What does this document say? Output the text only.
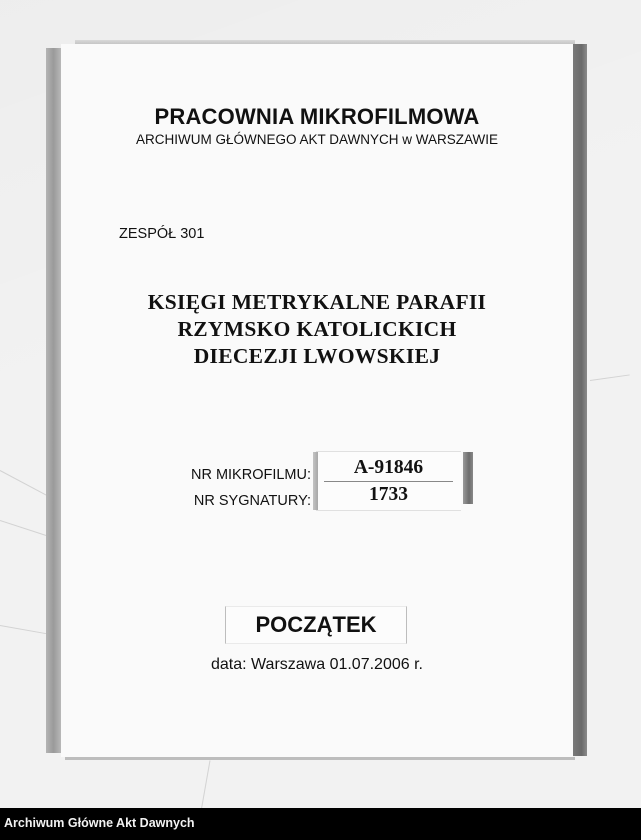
PRACOWNIA MIKROFILMOWA
ARCHIWUM GŁÓWNEGO AKT DAWNYCH w WARSZAWIE
ZESPÓŁ 301
KSIĘGI METRYKALNE PARAFII
RZYMSKO KATOLICKICH
DIECEZJI LWOWSKIEJ
NR MIKROFILMU:
NR SYGNATURY:
A-91846
1733
POCZĄTEK
data: Warszawa 01.07.2006 r.
Archiwum Główne Akt Dawnych
